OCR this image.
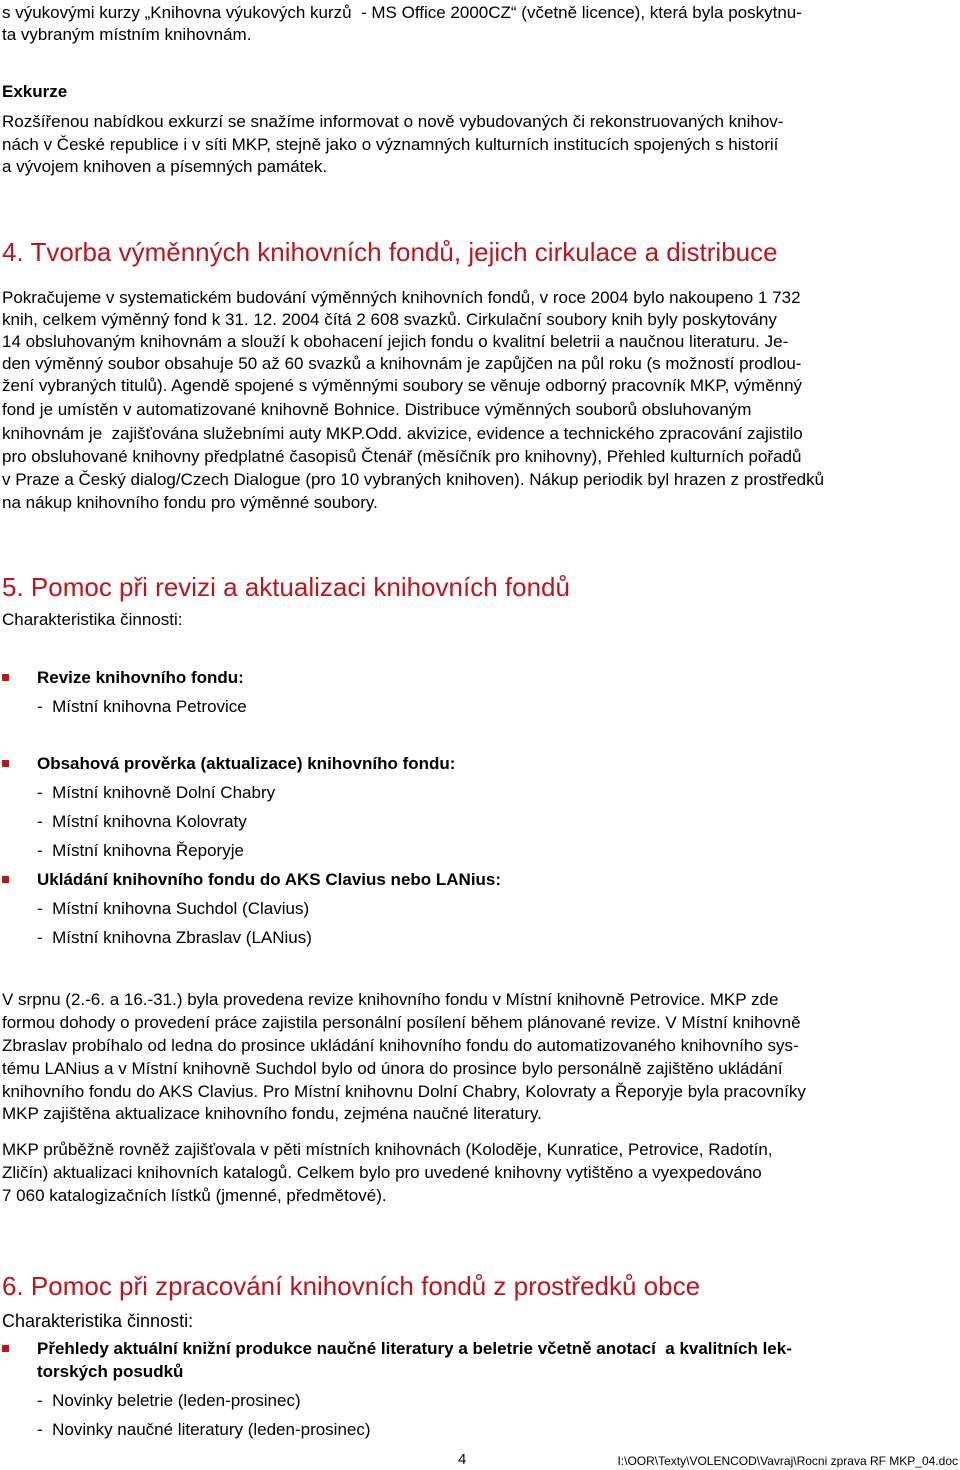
s výukovými kurzy „Knihovna výukových kurzů  - MS Office 2000CZ“ (včetně licence), která byla poskytnu-
ta vybraným místním knihovnám.
Exkurze
Rozšířenou nabídkou exkurzí se snažíme informovat o nově vybudovaných či rekonstruovaných knihov-
nách v České republice i v síti MKP, stejně jako o významných kulturních institucích spojených s historií
a vývojem knihoven a písemných památek.
4. Tvorba výměnných knihovních fondů, jejich cirkulace a distribuce
Pokračujeme v systematickém budování výměnných knihovních fondů, v roce 2004 bylo nakoupeno 1 732
knih, celkem výměnný fond k 31. 12. 2004 čítá 2 608 svazků. Cirkulační soubory knih byly poskytovány
14 obsluhovaným knihovnám a slouží k obohacení jejich fondu o kvalitní beletrii a naučnou literaturu. Je-
den výměnný soubor obsahuje 50 až 60 svazků a knihovnám je zapůjčen na půl roku (s možností prodlou-
žení vybraných titulů). Agendě spojené s výměnnými soubory se věnuje odborný pracovník MKP, výměnný
fond je umístěn v automatizované knihovně Bohnice. Distribuce výměnných souborů obsluhovaným
knihovnám je  zajišťována služebními auty MKP.Odd. akvizice, evidence a technického zpracování zajistilo
pro obsluhované knihovny předplatné časopisů Čtenář (měsíčník pro knihovny), Přehled kulturních pořadů
v Praze a Český dialog/Czech Dialogue (pro 10 vybraných knihoven). Nákup periodik byl hrazen z prostředků
na nákup knihovního fondu pro výměnné soubory.
5. Pomoc při revizi a aktualizaci knihovních fondů
Charakteristika činnosti:
Revize knihovního fondu:
-  Místní knihovna Petrovice
Obsahová prověrka (aktualizace) knihovního fondu:
-  Místní knihovně Dolní Chabry
-  Místní knihovna Kolovraty
-  Místní knihovna Řeporyje
Ukládání knihovního fondu do AKS Clavius nebo LANius:
-  Místní knihovna Suchdol (Clavius)
-  Místní knihovna Zbraslav (LANius)
V srpnu (2.-6. a 16.-31.) byla provedena revize knihovního fondu v Místní knihovně Petrovice. MKP zde
formou dohody o provedení práce zajistila personální posílení během plánované revize. V Místní knihovně
Zbraslav probíhalo od ledna do prosince ukládání knihovního fondu do automatizovaného knihovního sys-
tému LANius a v Místní knihovně Suchdol bylo od února do prosince bylo personálně zajištěno ukládání
knihovního fondu do AKS Clavius. Pro Místní knihovnu Dolní Chabry, Kolovraty a Řeporyje byla pracovníky
MKP zajištěna aktualizace knihovního fondu, zejména naučné literatury.
MKP průběžně rovněž zajišťovala v pěti místních knihovnách (Koloděje, Kunratice, Petrovice, Radotín,
Zličín) aktualizaci knihovních katalogů. Celkem bylo pro uvedené knihovny vytištěno a vyexpedováno
7 060 katalogizačních lístků (jmenné, předmětové).
6. Pomoc při zpracování knihovních fondů z prostředků obce
Charakteristika činnosti:
Přehledy aktuální knižní produkce naučné literatury a beletrie včetně anotací  a kvalitních lek-
torských posudků
-  Novinky beletrie (leden-prosinec)
-  Novinky naučné literatury (leden-prosinec)
4	I:\OOR\Texty\VOLENCOD\Vavraj\Rocni zprava RF MKP_04.doc
